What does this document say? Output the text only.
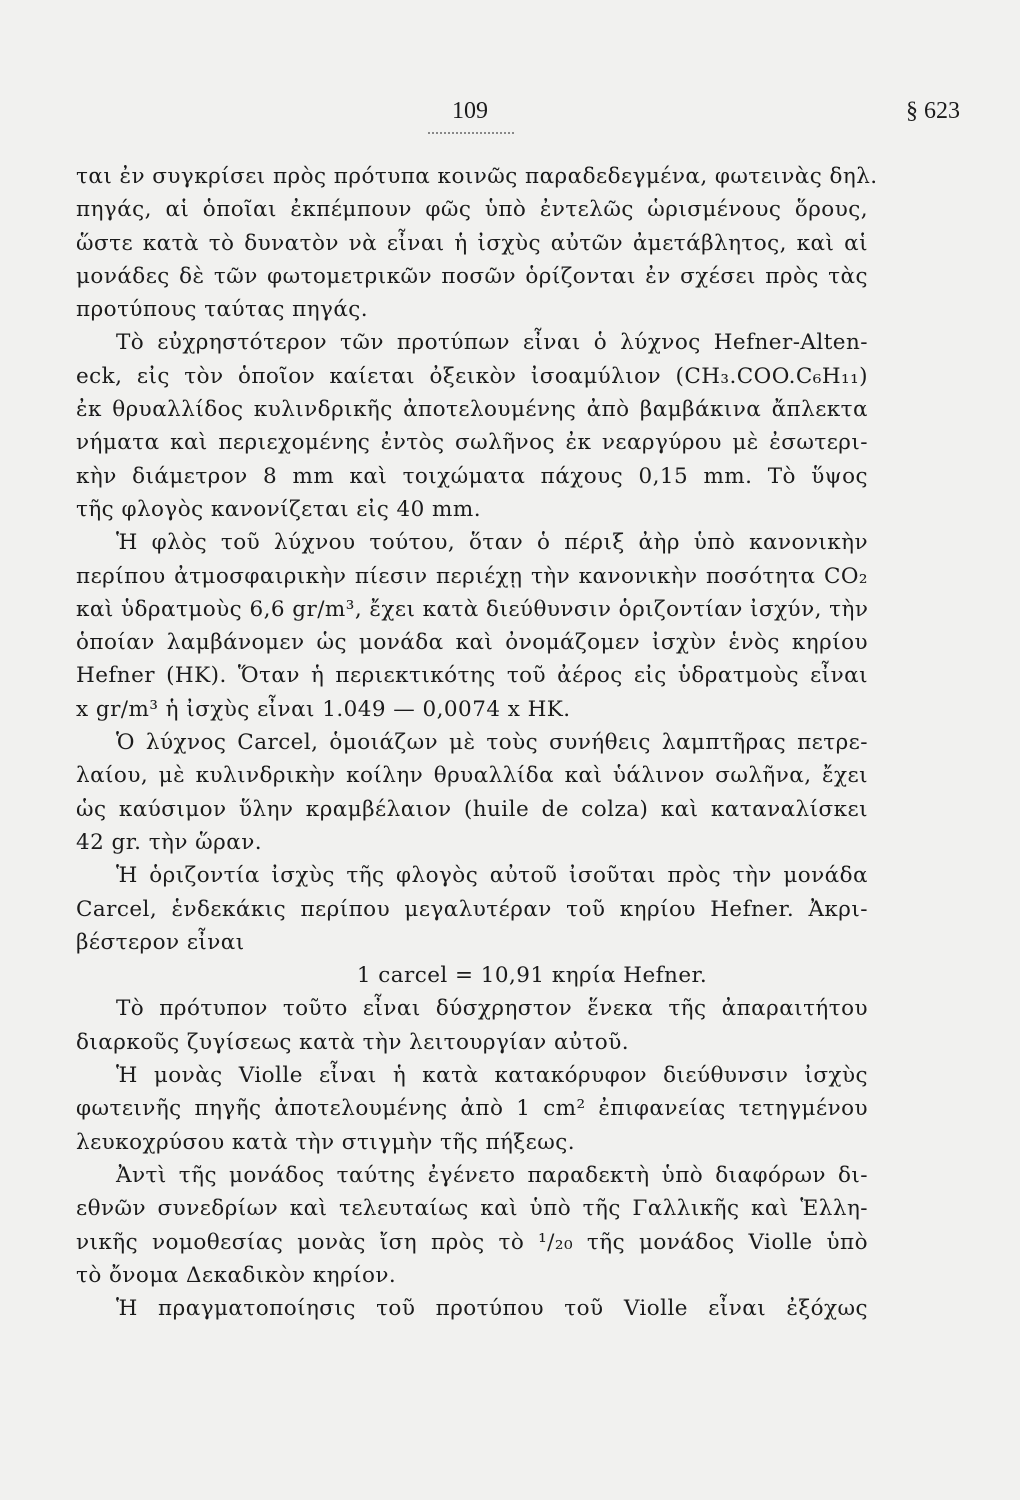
109	§ 623
ται ἐν συγκρίσει πρὸς πρότυπα κοινῶς παραδεδεγμένα, φωτεινὰς δηλ.
πηγάς, αἱ ὁποῖαι ἐκπέμπουν φῶς ὑπὸ ἐντελῶς ὡρισμένους ὅρους,
ὥστε κατὰ τὸ δυνατὸν νὰ εἶναι ἡ ἰσχὺς αὐτῶν ἀμετάβλητος, καὶ αἱ
μονάδες δὲ τῶν φωτομετρικῶν ποσῶν ὁρίζονται ἐν σχέσει πρὸς τὰς
προτύπους ταύτας πηγάς.
Τὸ εὐχρηστότερον τῶν προτύπων εἶναι ὁ λύχνος Hefner-Alten-
eck, εἰς τὸν ὁποῖον καίεται ὀξεικὸν ἰσοαμύλιον (CH₃.COO.C₆H₁₁)
ἐκ θρυαλλίδος κυλινδρικῆς ἀποτελουμένης ἀπὸ βαμβάκινα ἄπλεκτα
νήματα καὶ περιεχομένης ἐντὸς σωλῆνος ἐκ νεαργύρου μὲ ἐσωτερι-
κὴν διάμετρον 8 mm καὶ τοιχώματα πάχους 0,15 mm. Τὸ ὕψος
τῆς φλογὸς κανονίζεται εἰς 40 mm.
Ἡ φλὸς τοῦ λύχνου τούτου, ὅταν ὁ πέριξ ἀὴρ ὑπὸ κανονικὴν
περίπου ἀτμοσφαιρικὴν πίεσιν περιέχῃ τὴν κανονικὴν ποσότητα CO₂
καὶ ὑδρατμοὺς 6,6 gr/m³, ἔχει κατὰ διεύθυνσιν ὁριζοντίαν ἰσχύν, τὴν
ὁποίαν λαμβάνομεν ὡς μονάδα καὶ ὀνομάζομεν ἰσχὺν ἑνὸς κηρίου
Hefner (HK). Ὅταν ἡ περιεκτικότης τοῦ ἀέρος εἰς ὑδρατμοὺς εἶναι
x gr/m³ ἡ ἰσχὺς εἶναι 1.049 — 0,0074 x HK.
Ὁ λύχνος Carcel, ὁμοιάζων μὲ τοὺς συνήθεις λαμπτῆρας πετρε-
λαίου, μὲ κυλινδρικὴν κοίλην θρυαλλίδα καὶ ὑάλινον σωλῆνα, ἔχει
ὡς καύσιμον ὕλην κραμβέλαιον (huile de colza) καὶ καταναλίσκει
42 gr. τὴν ὥραν.
Ἡ ὁριζοντία ἰσχὺς τῆς φλογὸς αὐτοῦ ἰσοῦται πρὸς τὴν μονάδα
Carcel, ἑνδεκάκις περίπου μεγαλυτέραν τοῦ κηρίου Hefner. Ἀκρι-
βέστερον εἶναι
1 carcel = 10,91 κηρία Hefner.
Τὸ πρότυπον τοῦτο εἶναι δύσχρηστον ἕνεκα τῆς ἀπαραιτήτου
διαρκοῦς ζυγίσεως κατὰ τὴν λειτουργίαν αὐτοῦ.
Ἡ μονὰς Violle εἶναι ἡ κατὰ κατακόρυφον διεύθυνσιν ἰσχὺς
φωτεινῆς πηγῆς ἀποτελουμένης ἀπὸ 1 cm² ἐπιφανείας τετηγμένου
λευκοχρύσου κατὰ τὴν στιγμὴν τῆς πήξεως.
Ἀντὶ τῆς μονάδος ταύτης ἐγένετο παραδεκτὴ ὑπὸ διαφόρων δι-
εθνῶν συνεδρίων καὶ τελευταίως καὶ ὑπὸ τῆς Γαλλικῆς καὶ Ἑλλη-
νικῆς νομοθεσίας μονὰς ἴση πρὸς τὸ ¹/₂₀ τῆς μονάδος Violle ὑπὸ
τὸ ὄνομα Δεκαδικὸν κηρίον.
Ἡ πραγματοποίησις τοῦ προτύπου τοῦ Violle εἶναι ἐξόχως
